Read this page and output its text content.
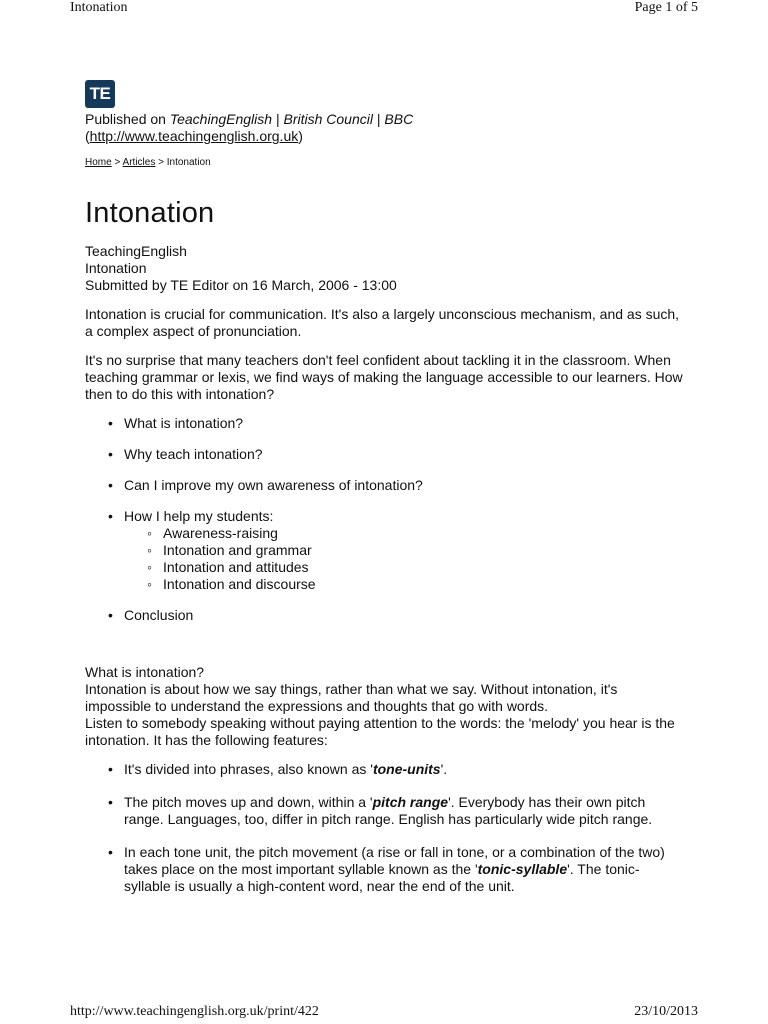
Intonation	Page 1 of 5
TE
Published on TeachingEnglish | British Council | BBC
(http://www.teachingenglish.org.uk)
Home > Articles > Intonation
Intonation
TeachingEnglish
Intonation
Submitted by TE Editor on 16 March, 2006 - 13:00

Intonation is crucial for communication. It's also a largely unconscious mechanism, and as such, a complex aspect of pronunciation.

It's no surprise that many teachers don't feel confident about tackling it in the classroom. When teaching grammar or lexis, we find ways of making the language accessible to our learners. How then to do this with intonation?

• What is intonation?
• Why teach intonation?
• Can I improve my own awareness of intonation?
• How I help my students:
◦ Awareness-raising
◦ Intonation and grammar
◦ Intonation and attitudes
◦ Intonation and discourse
• Conclusion
What is intonation?
Intonation is about how we say things, rather than what we say. Without intonation, it's impossible to understand the expressions and thoughts that go with words.
Listen to somebody speaking without paying attention to the words: the 'melody' you hear is the intonation. It has the following features:
• It's divided into phrases, also known as 'tone-units'.
• The pitch moves up and down, within a 'pitch range'. Everybody has their own pitch range. Languages, too, differ in pitch range. English has particularly wide pitch range.
• In each tone unit, the pitch movement (a rise or fall in tone, or a combination of the two) takes place on the most important syllable known as the 'tonic-syllable'. The tonic-syllable is usually a high-content word, near the end of the unit.
http://www.teachingenglish.org.uk/print/422	23/10/2013
